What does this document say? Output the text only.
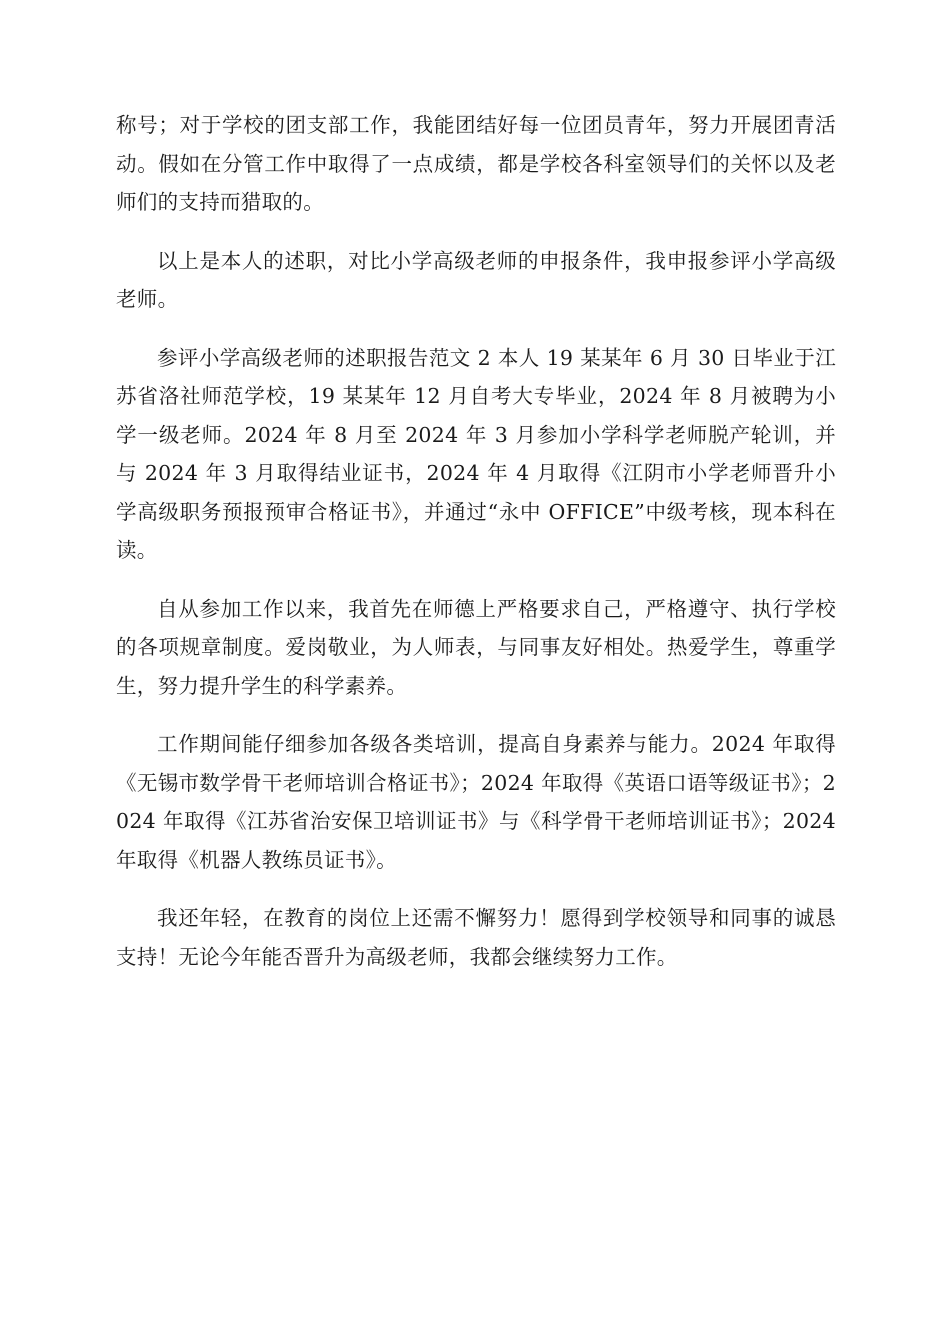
称号；对于学校的团支部工作，我能团结好每一位团员青年，努力开展团青活动。假如在分管工作中取得了一点成绩，都是学校各科室领导们的关怀以及老师们的支持而猎取的。

以上是本人的述职，对比小学高级老师的申报条件，我申报参评小学高级老师。

参评小学高级老师的述职报告范文 2 本人 19 某某年 6 月 30 日毕业于江苏省洛社师范学校，19 某某年 12 月自考大专毕业，2024 年 8 月被聘为小学一级老师。2024 年 8 月至 2024 年 3 月参加小学科学老师脱产轮训，并与 2024 年 3 月取得结业证书，2024 年 4 月取得《江阴市小学老师晋升小学高级职务预报预审合格证书》，并通过“永中 OFFICE”中级考核，现本科在读。

自从参加工作以来，我首先在师德上严格要求自己，严格遵守、执行学校的各项规章制度。爱岗敬业，为人师表，与同事友好相处。热爱学生，尊重学生，努力提升学生的科学素养。

工作期间能仔细参加各级各类培训，提高自身素养与能力。2024 年取得《无锡市数学骨干老师培训合格证书》；2024 年取得《英语口语等级证书》；2024 年取得《江苏省治安保卫培训证书》与《科学骨干老师培训证书》；2024 年取得《机器人教练员证书》。

我还年轻，在教育的岗位上还需不懈努力！愿得到学校领导和同事的诚恳支持！无论今年能否晋升为高级老师，我都会继续努力工作。
